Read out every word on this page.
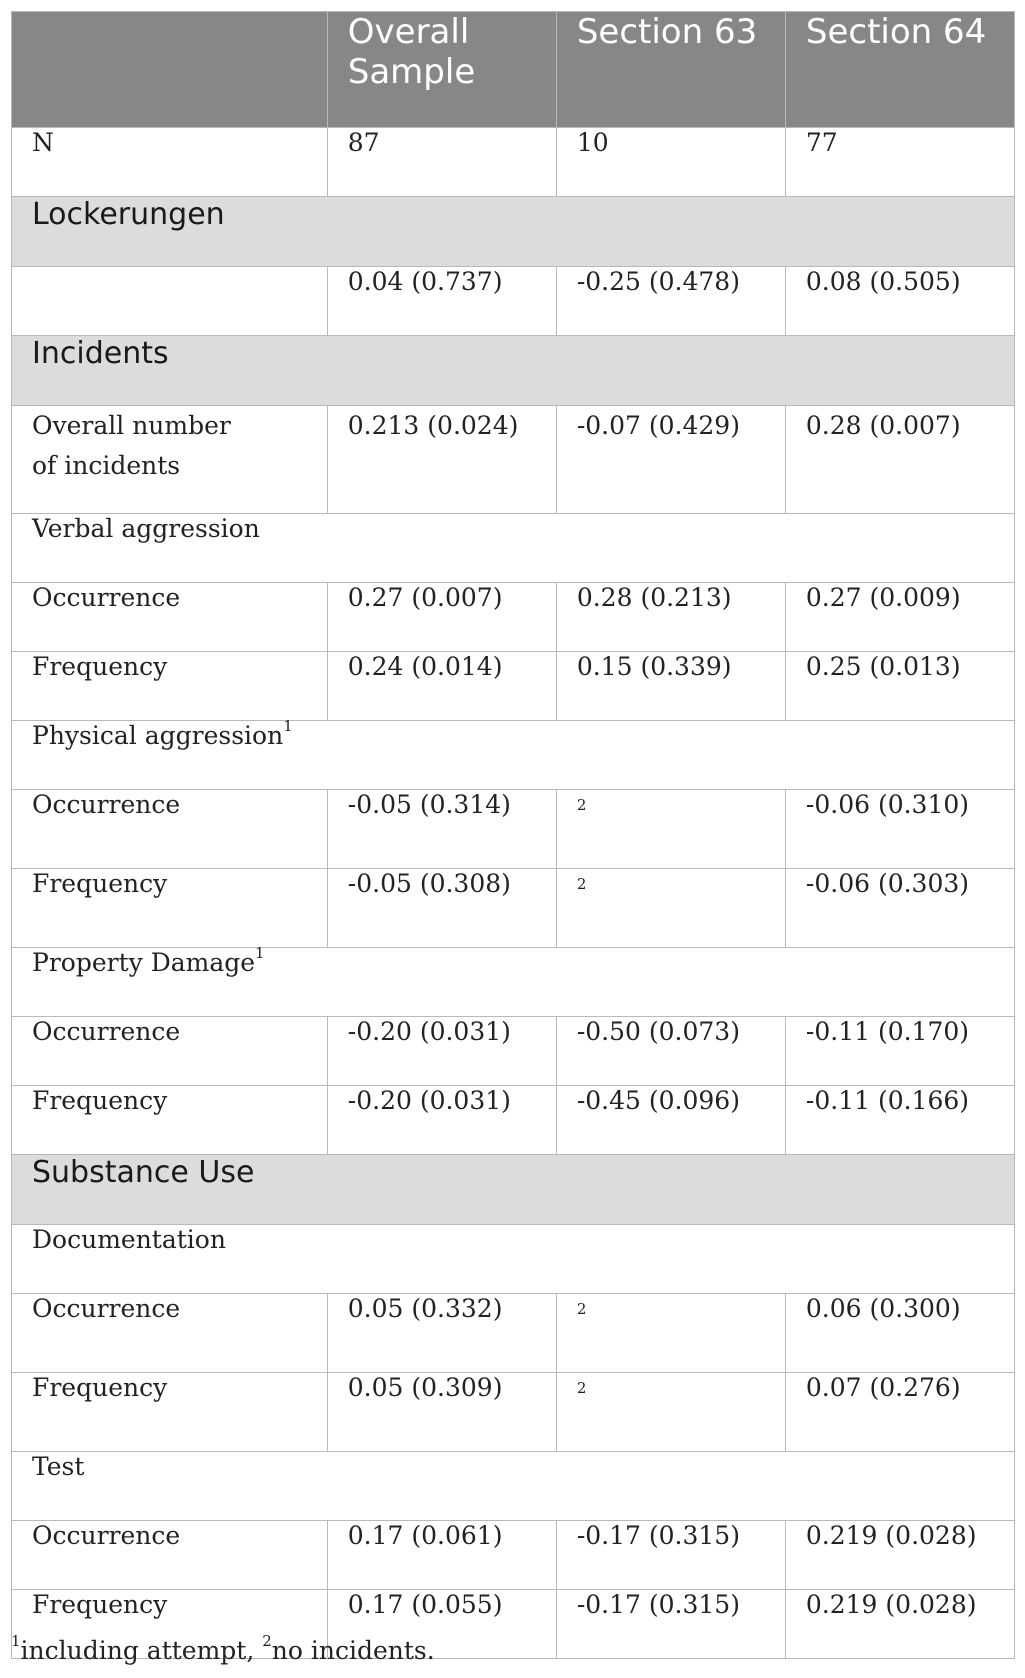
	Overall Sample	Section 63	Section 64
N	87	10	77
Lockerungen			
	0.04 (0.737)	-0.25 (0.478)	0.08 (0.505)
Incidents			
Overall number
of incidents	0.213 (0.024)	-0.07 (0.429)	0.28 (0.007)
Verbal aggression			
Occurrence	0.27 (0.007)	0.28 (0.213)	0.27 (0.009)
Frequency	0.24 (0.014)	0.15 (0.339)	0.25 (0.013)
Physical aggression$^1$
Occurrence	-0.05 (0.314)	$^2$	-0.06 (0.310)
Frequency	-0.05 (0.308)	$^2$	-0.06 (0.303)
Property Damage$^1$
Occurrence	-0.20 (0.031)	-0.50 (0.073)	-0.11 (0.170)
Frequency	-0.20 (0.031)	-0.45 (0.096)	-0.11 (0.166)
Substance Use			
Documentation			
Occurrence	0.05 (0.332)	$^2$	0.06 (0.300)
Frequency	0.05 (0.309)	$^2$	0.07 (0.276)
Test			
Occurrence	0.17 (0.061)	-0.17 (0.315)	0.219 (0.028)
Frequency	0.17 (0.055)	-0.17 (0.315)	0.219 (0.028)
$^1$including attempt, $^2$no incidents.
